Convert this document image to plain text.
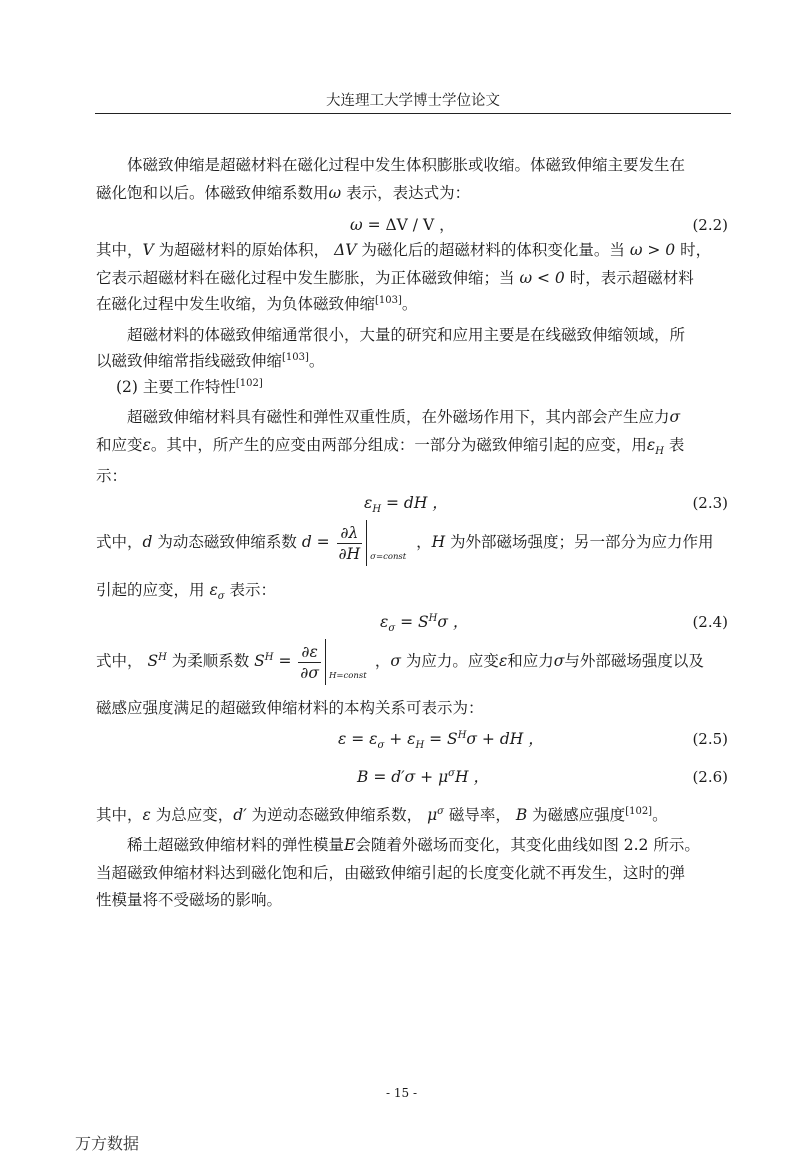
大连理工大学博士学位论文

体磁致伸缩是超磁材料在磁化过程中发生体积膨胀或收缩。体磁致伸缩主要发生在

磁化饱和以后。体磁致伸缩系数用ω 表示，表达式为：

ω = ΔV / V ，	(2.2)

其中，V 为超磁材料的原始体积， ΔV 为磁化后的超磁材料的体积变化量。当 ω > 0 时，

它表示超磁材料在磁化过程中发生膨胀，为正体磁致伸缩；当 ω < 0 时，表示超磁材料

在磁化过程中发生收缩，为负体磁致伸缩[103]。

超磁材料的体磁致伸缩通常很小，大量的研究和应用主要是在线磁致伸缩领域，所

以磁致伸缩常指线磁致伸缩[103]。

(2) 主要工作特性[102]

超磁致伸缩材料具有磁性和弹性双重性质，在外磁场作用下，其内部会产生应力σ

和应变ε。其中，所产生的应变由两部分组成：一部分为磁致伸缩引起的应变，用$\varepsilon_H$ 表

示：

$\varepsilon_H$ = dH ，	(2.3)
式中，d 为动态磁致伸缩系数 $d = \frac{\partial\lambda}{\partial H}$ σ=const
，H 为外部磁场强度；另一部分为应力作用

引起的应变，用 $\varepsilon_\sigma$ 表示：

$\varepsilon_\sigma = S^H\sigma$ ，	(2.4)
式中， $S^H$ 为柔顺系数 $S^H = \frac{\partial\varepsilon}{\partial\sigma}$ H=const
，σ 为应力。应变ε和应力σ与外部磁场强度以及

磁感应强度满足的超磁致伸缩材料的本构关系可表示为：

$\varepsilon = \varepsilon_\sigma + \varepsilon_H = S^H\sigma$ + dH ，	(2.5)
$B = d'\sigma + \mu^\sigma H$ ，	(2.6)

其中，ε 为总应变，d′ 为逆动态磁致伸缩系数， $\mu^\sigma$ 磁导率， B 为磁感应强度[102]。

稀土超磁致伸缩材料的弹性模量E会随着外磁场而变化，其变化曲线如图 2.2 所示。

当超磁致伸缩材料达到磁化饱和后，由磁致伸缩引起的长度变化就不再发生，这时的弹

性模量将不受磁场的影响。

- 15 -
万方数据
